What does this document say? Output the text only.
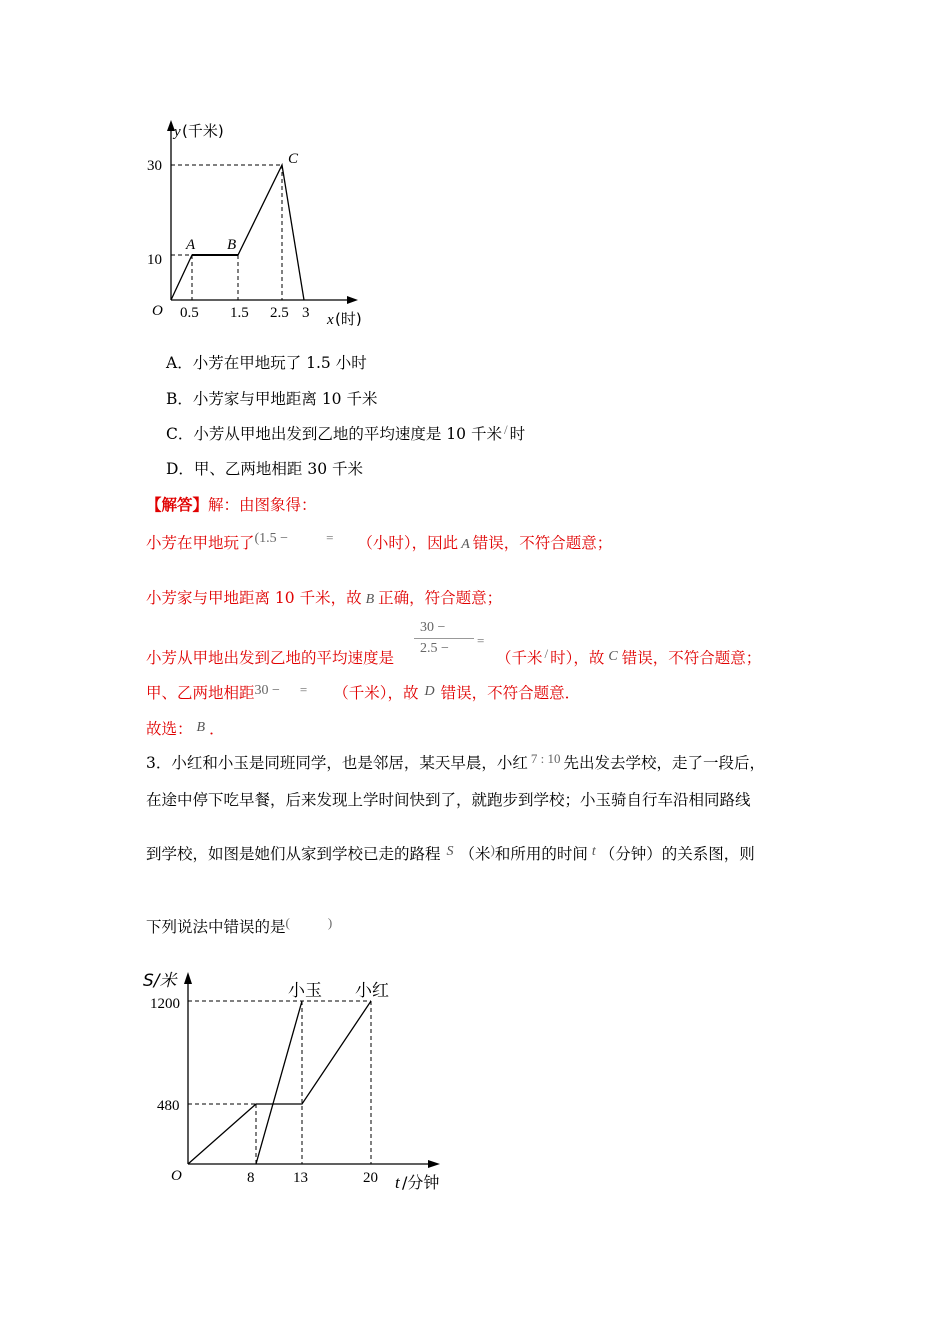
y (千米)
O
30
10
0.5 1.5 2.5 3 x (时)
A B
C
A．小芳在甲地玩了 1.5 小时
B．小芳家与甲地距离 10 千米
C．小芳从甲地出发到乙地的平均速度是 10 千米 / 时
D．甲、乙两地相距 30 千米
【解答】解：由图象得：
小芳在甲地玩了(1.5 −	= （小时），因此 A 错误，不符合题意；
小芳家与甲地距离 10 千米，故 B 正确，符合题意；
30 −
2.5 −
=
小芳从甲地出发到乙地的平均速度是	（千米 / 时），故 C 错误，不符合题意；
甲、乙两地相距30 − = （千米），故 D 错误，不符合题意．
故选： B ．
3．小红和小玉是同班同学，也是邻居，某天早晨，小红 $^{7 : 10}$ 先出发去学校，走了一段后，
在途中停下吃早餐，后来发现上学时间快到了，就跑步到学校；小玉骑自行车沿相同路线
到学校，如图是她们从家到学校已走的路程 S （米)和所用的时间 t （分钟）的关系图，则
下列说法中错误的是(	)
S/米
1200
480
O	8	13	20 t /分钟
小玉 小红
